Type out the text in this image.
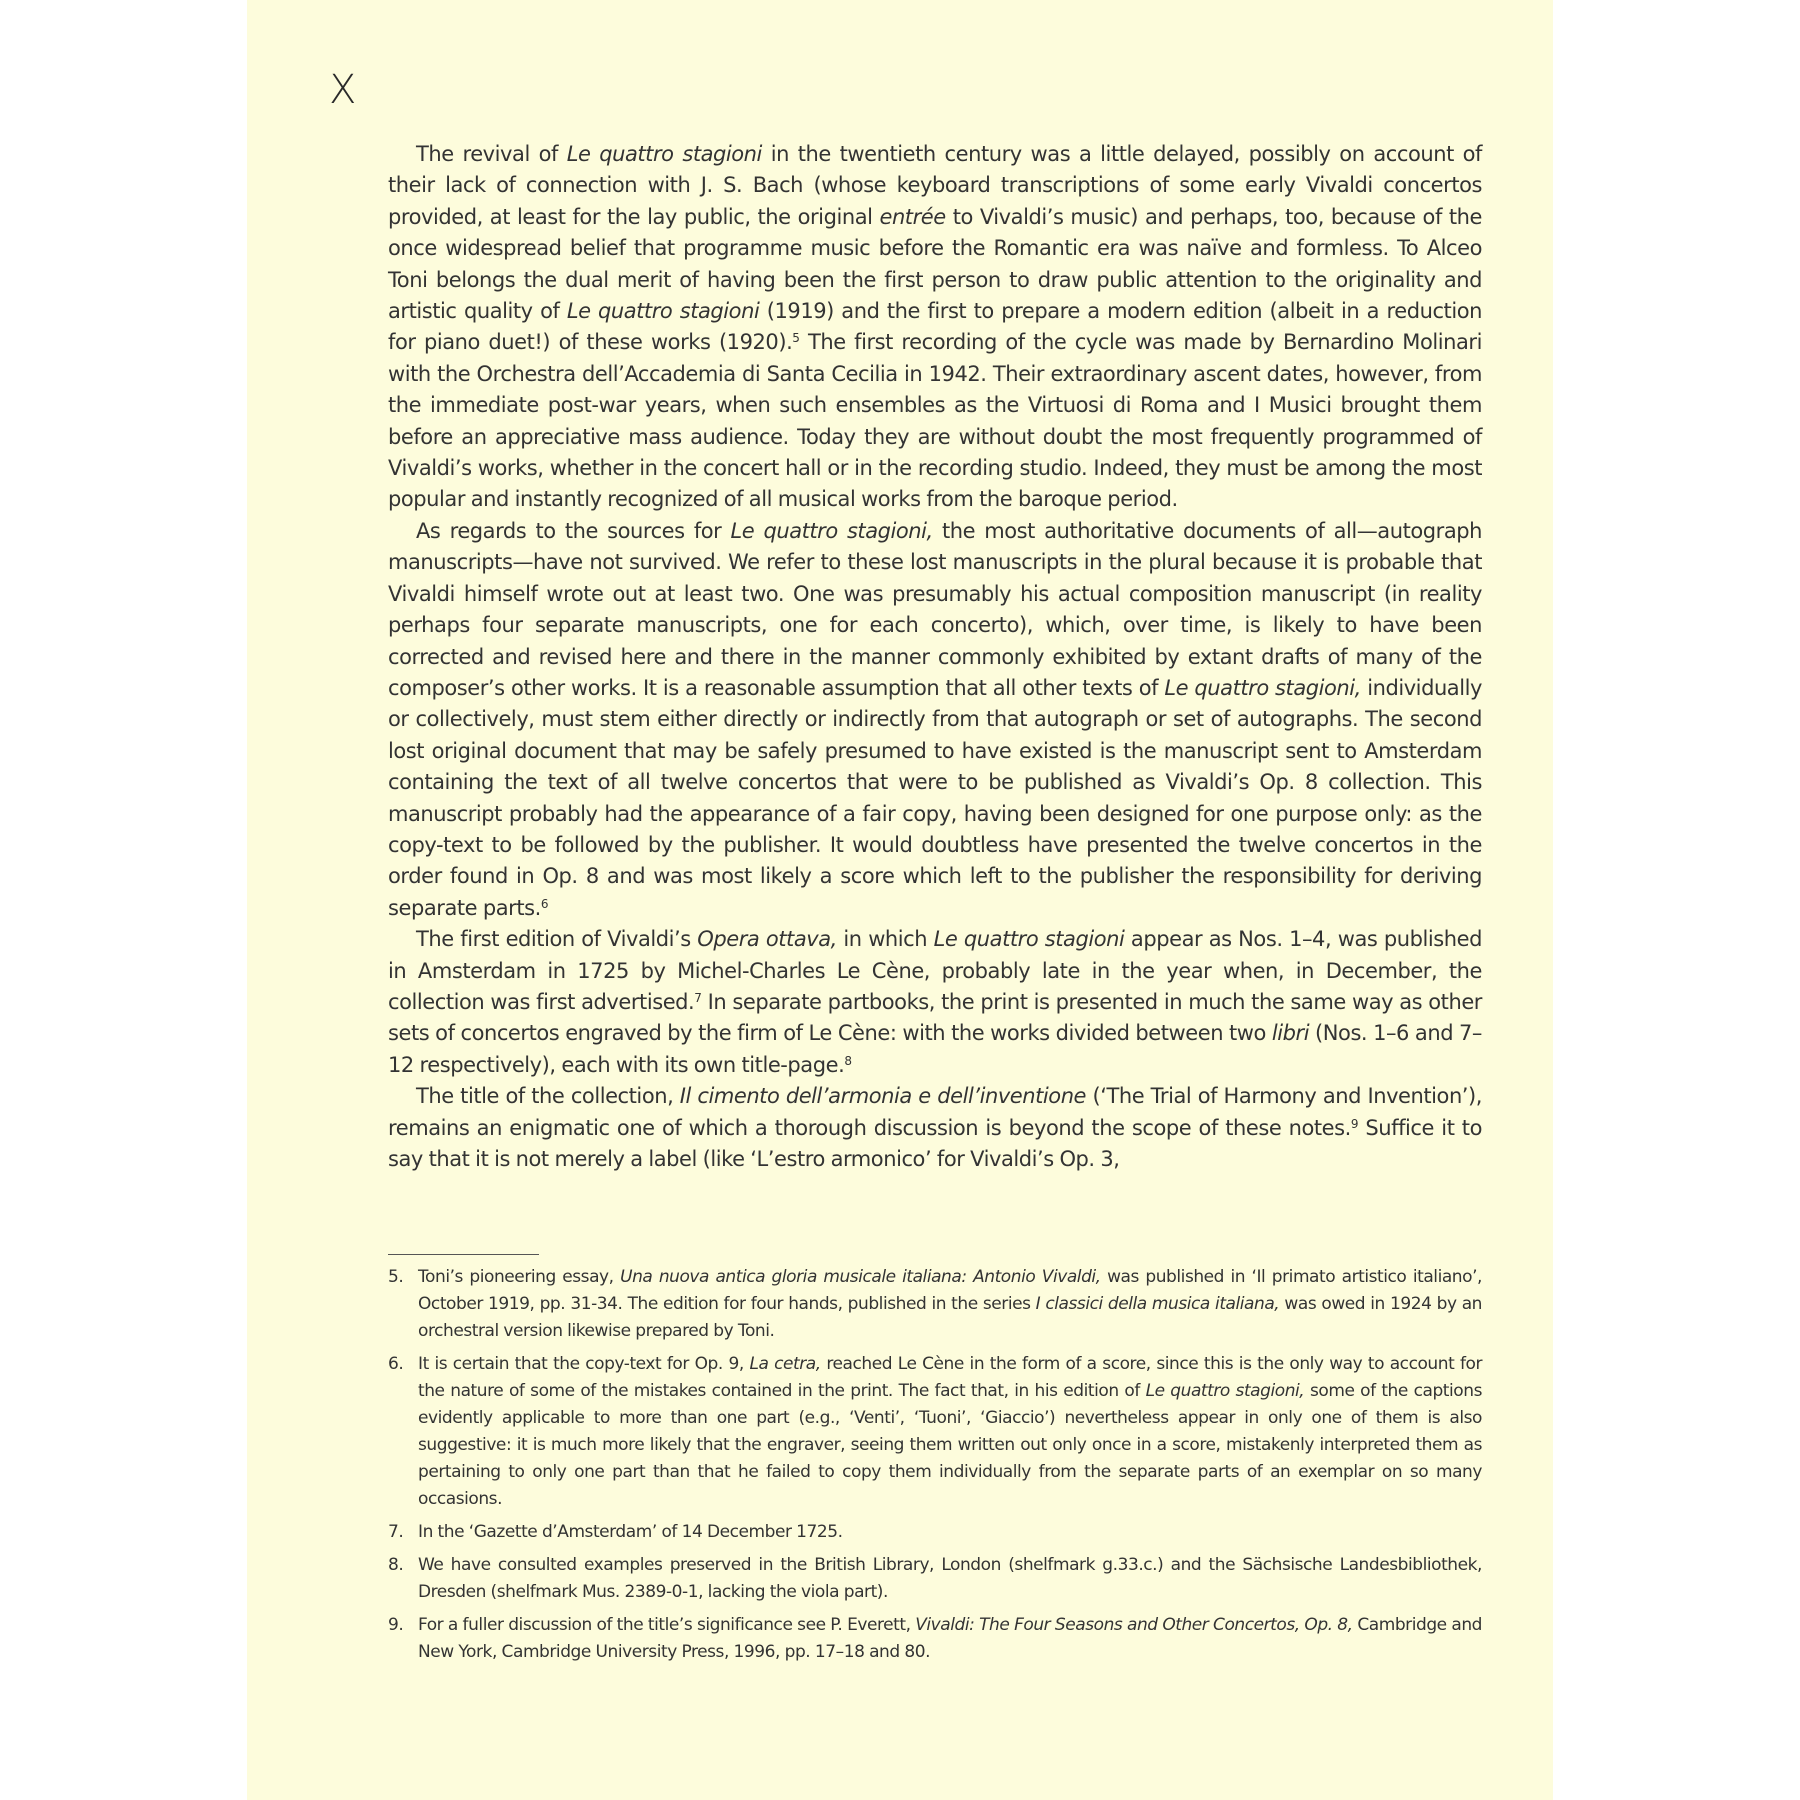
X

The revival of Le quattro stagioni in the twentieth century was a little delayed, possibly on account of their lack of connection with J. S. Bach (whose keyboard transcriptions of some early Vivaldi concertos provided, at least for the lay public, the original entrée to Vivaldi’s music) and perhaps, too, because of the once widespread belief that programme music before the Romantic era was naïve and formless. To Alceo Toni belongs the dual merit of having been the first person to draw public attention to the originality and artistic quality of Le quattro stagioni (1919) and the first to prepare a modern edition (albeit in a reduction for piano duet!) of these works (1920).$^5$ The first recording of the cycle was made by Bernardino Molinari with the Orchestra dell’Accademia di Santa Cecilia in 1942. Their extraordinary ascent dates, however, from the immediate post-war years, when such ensembles as the Virtuosi di Roma and I Musici brought them before an appreciative mass audience. Today they are without doubt the most frequently programmed of Vivaldi’s works, whether in the concert hall or in the recording studio. Indeed, they must be among the most popular and instantly recognized of all musical works from the baroque period.

As regards to the sources for Le quattro stagioni, the most authoritative documents of all—autograph manuscripts—have not survived. We refer to these lost manuscripts in the plural because it is probable that Vivaldi himself wrote out at least two. One was presumably his actual composition manuscript (in reality perhaps four separate manuscripts, one for each concerto), which, over time, is likely to have been corrected and revised here and there in the manner commonly exhibited by extant drafts of many of the composer’s other works. It is a reasonable assumption that all other texts of Le quattro stagioni, individually or collectively, must stem either directly or indirectly from that autograph or set of autographs. The second lost original document that may be safely presumed to have existed is the manuscript sent to Amsterdam containing the text of all twelve concertos that were to be published as Vivaldi’s Op. 8 collection. This manuscript probably had the appearance of a fair copy, having been designed for one purpose only: as the copy-text to be followed by the publisher. It would doubtless have presented the twelve concertos in the order found in Op. 8 and was most likely a score which left to the publisher the responsibility for deriving separate parts.$^6$

The first edition of Vivaldi’s Opera ottava, in which Le quattro stagioni appear as Nos. 1–4, was published in Amsterdam in 1725 by Michel-Charles Le Cène, probably late in the year when, in December, the collection was first advertised.$^7$ In separate partbooks, the print is presented in much the same way as other sets of concertos engraved by the firm of Le Cène: with the works divided between two libri (Nos. 1–6 and 7–12 respectively), each with its own title-page.$^8$

The title of the collection, Il cimento dell’armonia e dell’inventione (‘The Trial of Harmony and Invention’), remains an enigmatic one of which a thorough discussion is beyond the scope of these notes.$^9$ Suffice it to say that it is not merely a label (like ‘L’estro armonico’ for Vivaldi’s Op. 3,

5. Toni’s pioneering essay, Una nuova antica gloria musicale italiana: Antonio Vivaldi, was published in ‘Il primato artistico italiano’, October 1919, pp. 31-34. The edition for four hands, published in the series I classici della musica italiana, was owed in 1924 by an orchestral version likewise prepared by Toni.
6. It is certain that the copy-text for Op. 9, La cetra, reached Le Cène in the form of a score, since this is the only way to account for the nature of some of the mistakes contained in the print. The fact that, in his edition of Le quattro stagioni, some of the captions evidently applicable to more than one part (e.g., ‘Venti’, ‘Tuoni’, ‘Giaccio’) nevertheless appear in only one of them is also suggestive: it is much more likely that the engraver, seeing them written out only once in a score, mistakenly interpreted them as pertaining to only one part than that he failed to copy them individually from the separate parts of an exemplar on so many occasions.
7. In the ‘Gazette d’Amsterdam’ of 14 December 1725.
8. We have consulted examples preserved in the British Library, London (shelfmark g.33.c.) and the Sächsische Landesbibliothek, Dresden (shelfmark Mus. 2389-0-1, lacking the viola part).
9. For a fuller discussion of the title’s significance see P. Everett, Vivaldi: The Four Seasons and Other Concertos, Op. 8, Cambridge and New York, Cambridge University Press, 1996, pp. 17–18 and 80.
